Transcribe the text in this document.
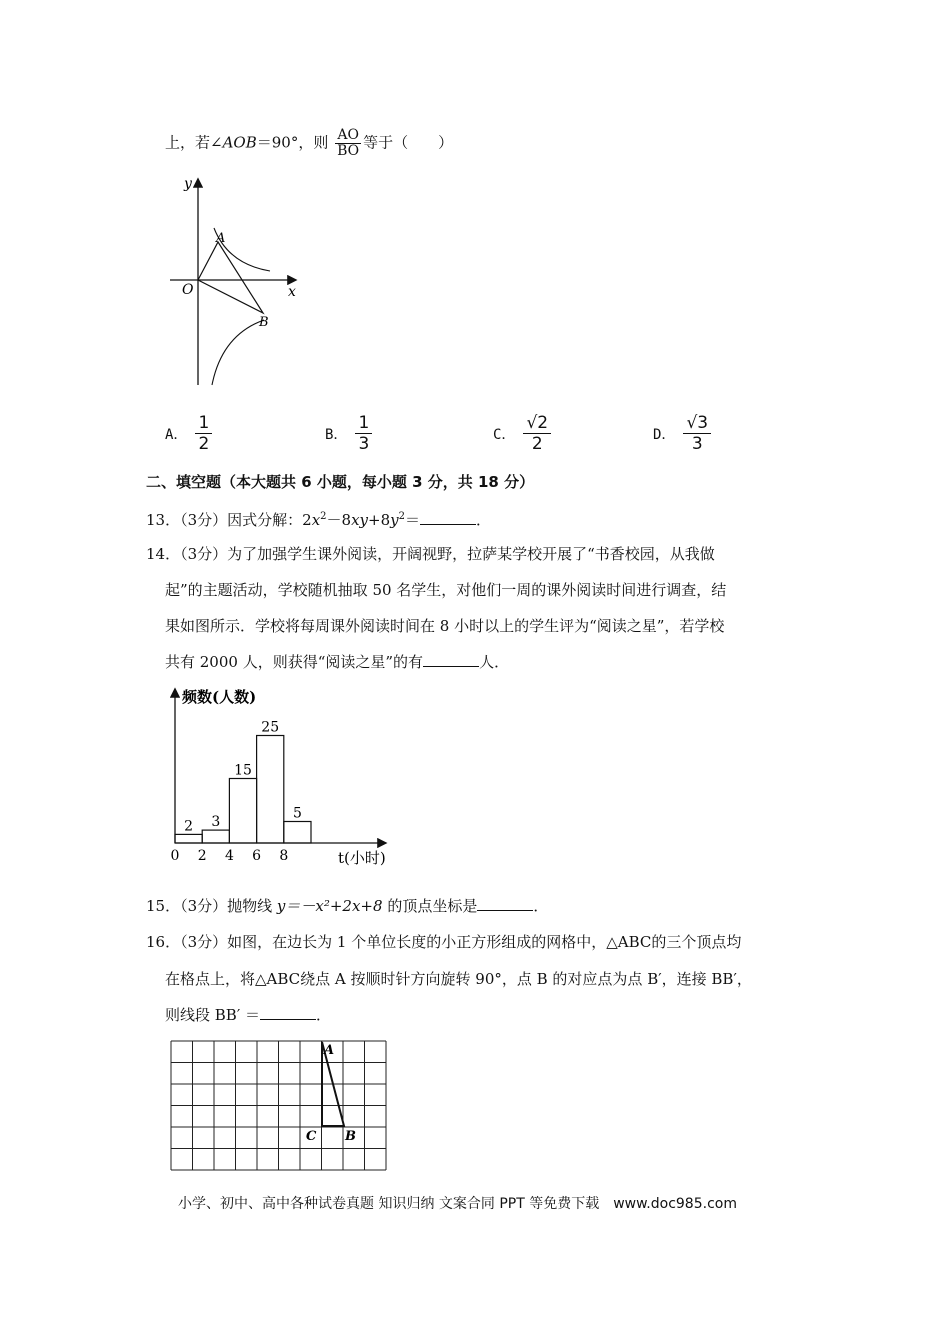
上，若∠AOB＝90°，则 $\frac{AO}{BO}$ 等于（　　）
y
x
O
A
B
A． $\frac{1}{2}$	B． $\frac{1}{3}$	C． $\frac{√2}{2}$	D． $\frac{√3}{3}$
二、填空题（本大题共 6 小题，每小题 3 分，共 18 分）
13．（3分）因式分解：$2x^2-8xy+8y^2=$	．
14．（3分）为了加强学生课外阅读，开阔视野，拉萨某学校开展了“书香校园，从我做
起”的主题活动，学校随机抽取 50 名学生，对他们一周的课外阅读时间进行调查，结
果如图所示．学校将每周课外阅读时间在 8 小时以上的学生评为“阅读之星”，若学校
共有 2000 人，则获得“阅读之星”的有	人．
频数(人数)
t(小时)
2 3
15
25
5
0 2 4 6 8
15．（3分）抛物线 y＝－x²+2x+8 的顶点坐标是	．
16．（3分）如图，在边长为 1 个单位长度的小正方形组成的网格中，△ABC的三个顶点均
在格点上，将△ABC绕点 A 按顺时针方向旋转 90°，点 B 的对应点为点 B′，连接 BB′，
则线段 BB′ ＝	．
A
C B
小学、初中、高中各种试卷真题 知识归纳 文案合同 PPT 等免费下载　www.doc985.com
